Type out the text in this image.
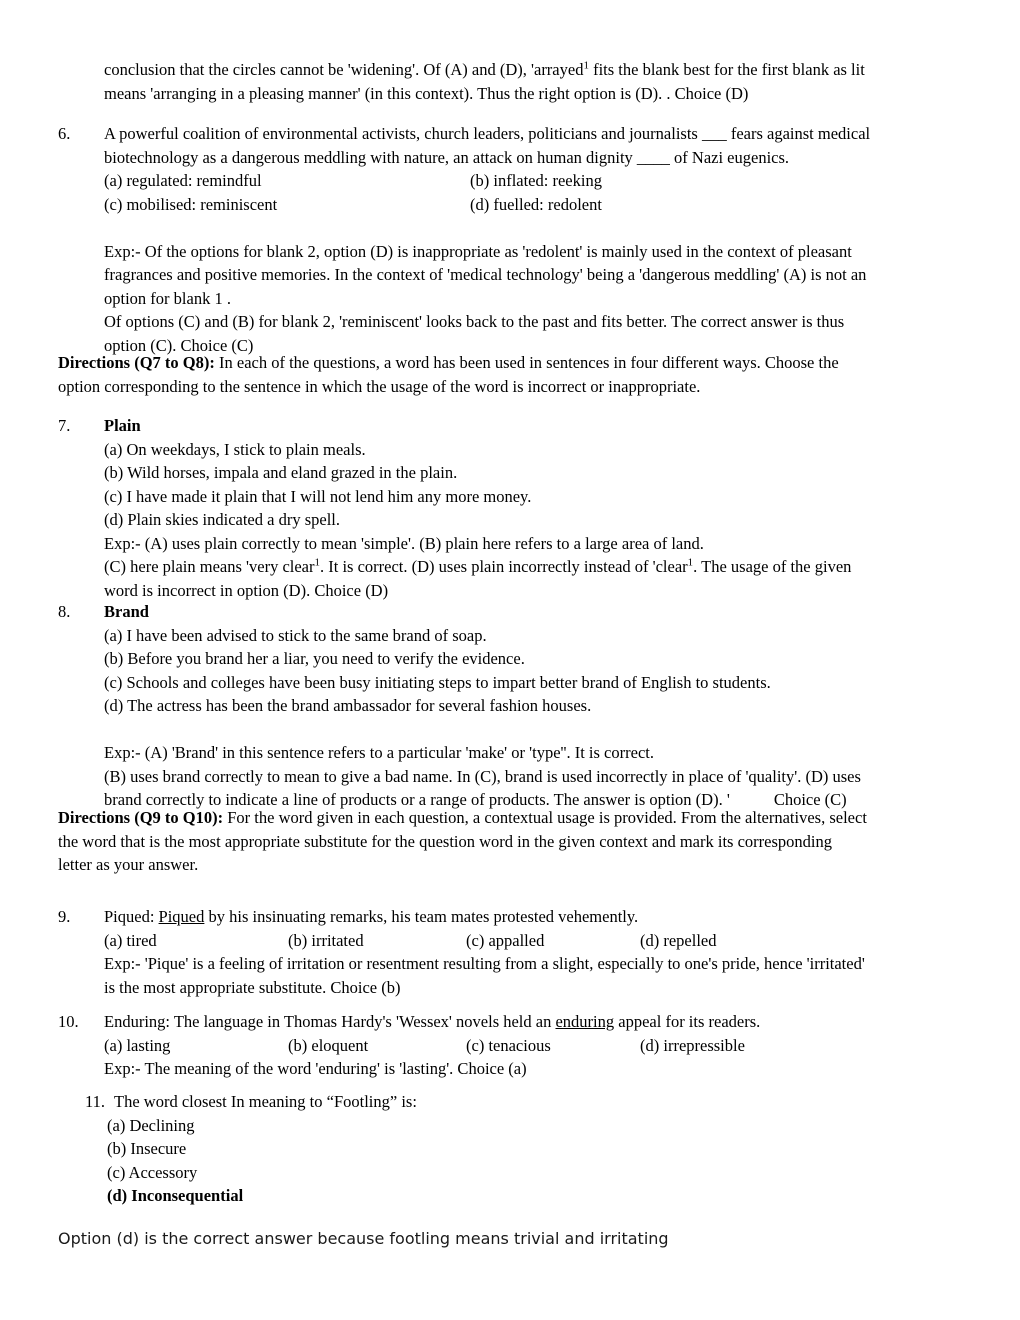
conclusion that the circles cannot be 'widening'. Of (A) and (D), 'arrayed$^1$ fits the blank best for the first blank as lit
means 'arranging in a pleasing manner' (in this context). Thus the right option is (D). . Choice (D)
6.	A powerful coalition of environmental activists, church leaders, politicians and journalists ___ fears against medical
biotechnology as a dangerous meddling with nature, an attack on human dignity ____ of Nazi eugenics.
(a) regulated: remindful	(b) inflated: reeking
(c) mobilised: reminiscent	(d) fuelled: redolent
Exp:- Of the options for blank 2, option (D) is inappropriate as 'redolent' is mainly used in the context of pleasant
fragrances and positive memories. In the context of 'medical technology' being a 'dangerous meddling' (A) is not an
option for blank 1 .
Of options (C) and (B) for blank 2, 'reminiscent' looks back to the past and fits better. The correct answer is thus
option (C). Choice (C)
Directions (Q7 to Q8): In each of the questions, a word has been used in sentences in four different ways. Choose the
option corresponding to the sentence in which the usage of the word is incorrect or inappropriate.
7.	Plain
(a) On weekdays, I stick to plain meals.
(b) Wild horses, impala and eland grazed in the plain.
(c) I have made it plain that I will not lend him any more money.
(d) Plain skies indicated a dry spell.
Exp:- (A) uses plain correctly to mean 'simple'. (B) plain here refers to a large area of land.
(C) here plain means 'very clear$^1$. It is correct. (D) uses plain incorrectly instead of 'clear$^1$. The usage of the given
word is incorrect in option (D). Choice (D)
8.	Brand
(a) I have been advised to stick to the same brand of soap.
(b) Before you brand her a liar, you need to verify the evidence.
(c) Schools and colleges have been busy initiating steps to impart better brand of English to students.
(d) The actress has been the brand ambassador for several fashion houses.
Exp:- (A) 'Brand' in this sentence refers to a particular 'make' or 'type''. It is correct.
(B) uses brand correctly to mean to give a bad name. In (C), brand is used incorrectly in place of 'quality'. (D) uses
brand correctly to indicate a line of products or a range of products. The answer is option (D). '	Choice (C)
Directions (Q9 to Q10): For the word given in each question, a contextual usage is provided. From the alternatives, select
the word that is the most appropriate substitute for the question word in the given context and mark its corresponding
letter as your answer.
9.	Piqued: Piqued by his insinuating remarks, his team mates protested vehemently.
(a) tired	(b) irritated	(c) appalled	(d) repelled
Exp:- 'Pique' is a feeling of irritation or resentment resulting from a slight, especially to one's pride, hence 'irritated'
is the most appropriate substitute. Choice (b)
10.	Enduring: The language in Thomas Hardy's 'Wessex' novels held an enduring appeal for its readers.
(a) lasting	(b) eloquent	(c) tenacious	(d) irrepressible
Exp:- The meaning of the word 'enduring' is 'lasting'. Choice (a)
11. The word closest In meaning to “Footling” is:
(a) Declining
(b) Insecure
(c) Accessory
(d) Inconsequential
Option (d) is the correct answer because footling means trivial and irritating
